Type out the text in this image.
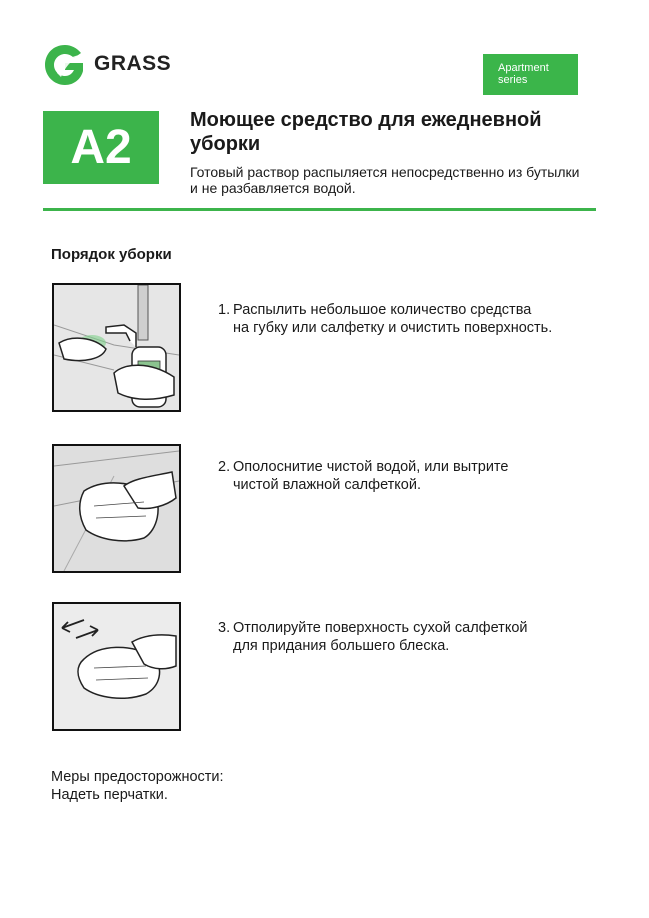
GRASS	Apartment
series
A2
Моющее средство для ежедневной
уборки
Готовый раствор распыляется непосредственно из бутылки
и не разбавляется водой.
Порядок уборки
1. Распылить небольшое количество средства
на губку или салфетку и очистить поверхность.
2. Ополоснитие чистой водой, или вытрите
чистой влажной салфеткой.
3. Отполируйте поверхность сухой салфеткой
для придания большего блеска.
Меры предосторожности:
Надеть перчатки.
